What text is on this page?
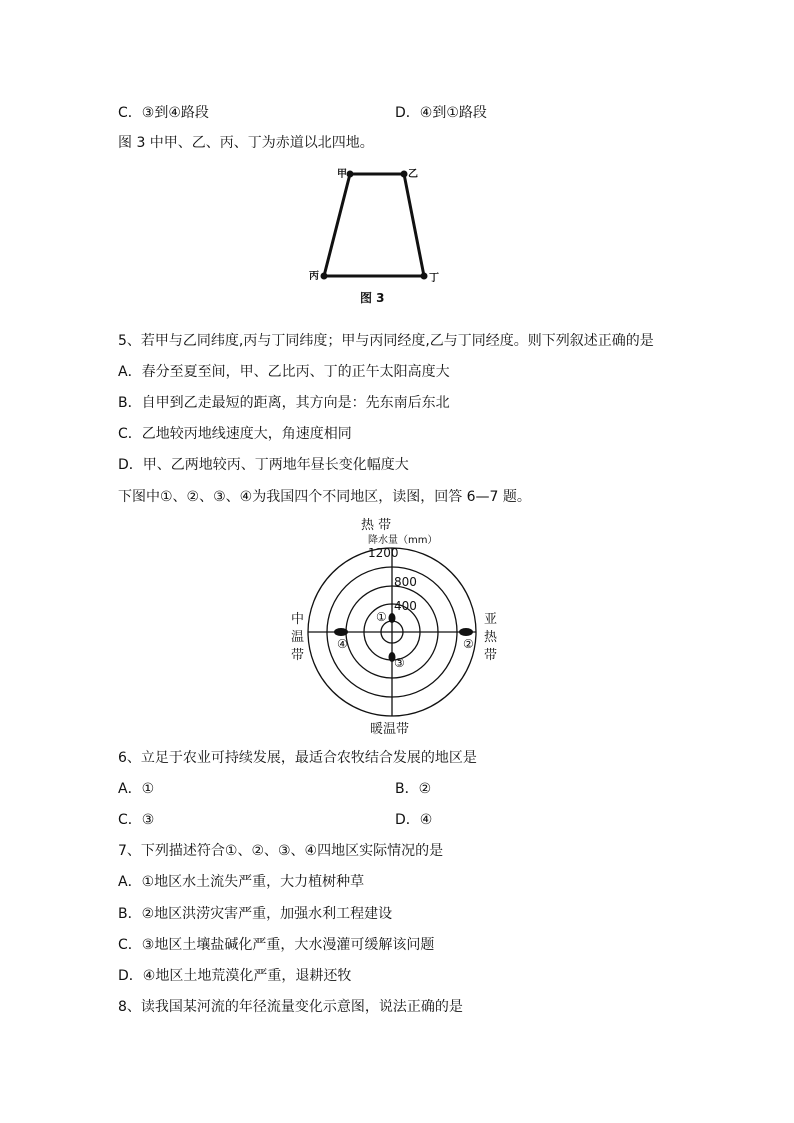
C．③到④路段	D．④到①路段
图 3 中甲、乙、丙、丁为赤道以北四地。
甲	乙
丙	丁
图 3
5、若甲与乙同纬度,丙与丁同纬度；甲与丙同经度,乙与丁同经度。则下列叙述正确的是
A．春分至夏至间，甲、乙比丙、丁的正午太阳高度大
B．自甲到乙走最短的距离，其方向是：先东南后东北
C．乙地较丙地线速度大，角速度相同
D．甲、乙两地较丙、丁两地年昼长变化幅度大
下图中①、②、③、④为我国四个不同地区，读图，回答 6—7 题。
热 带
降水量（mm）
1200
800
400
中
温
带
亚
热
带
暖温带
①
②
③
④
6、立足于农业可持续发展，最适合农牧结合发展的地区是
A．①	B．②
C．③	D．④
7、下列描述符合①、②、③、④四地区实际情况的是
A．①地区水土流失严重，大力植树种草
B．②地区洪涝灾害严重，加强水利工程建设
C．③地区土壤盐碱化严重，大水漫灌可缓解该问题
D．④地区土地荒漠化严重，退耕还牧
8、读我国某河流的年径流量变化示意图，说法正确的是
